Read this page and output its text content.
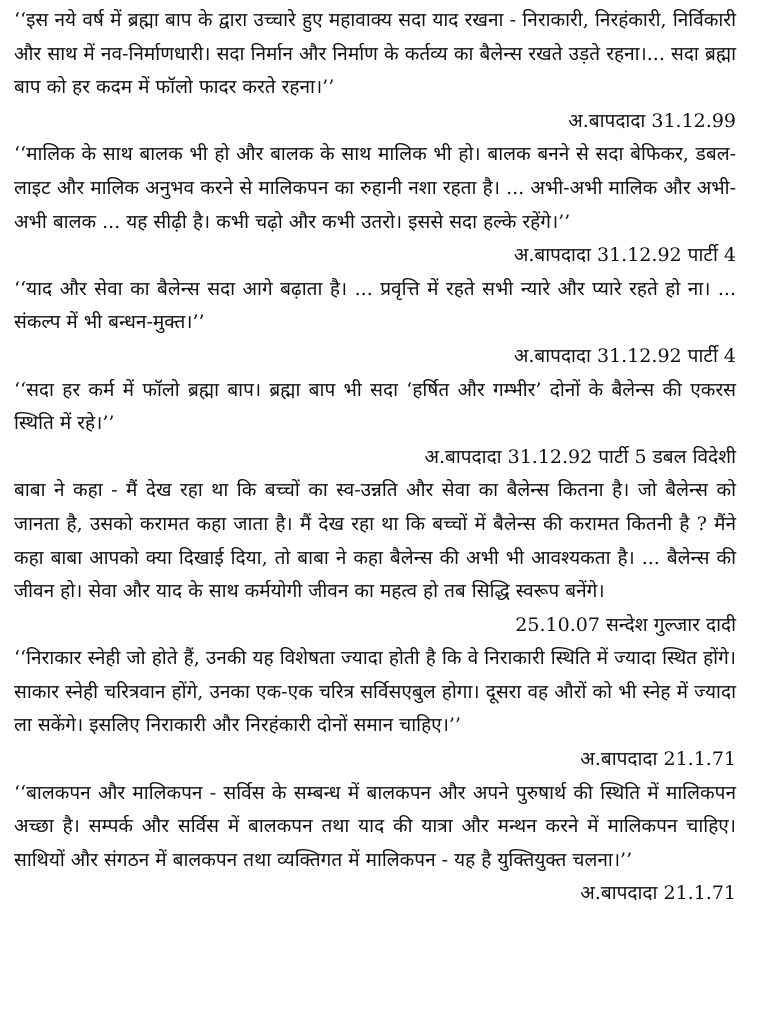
‘‘इस नये वर्ष में ब्रह्मा बाप के द्वारा उच्चारे हुए महावाक्य सदा याद रखना - निराकारी, निरहंकारी, निर्विकारी और साथ में नव-निर्माणधारी। सदा निर्मान और निर्माण के कर्तव्य का बैलेन्स रखते उड़ते रहना।... सदा ब्रह्मा बाप को हर कदम में फॉलो फादर करते रहना।’’

अ.बापदादा 31.12.99

‘‘मालिक के साथ बालक भी हो और बालक के साथ मालिक भी हो। बालक बनने से सदा बेफिकर, डबल-लाइट और मालिक अनुभव करने से मालिकपन का रुहानी नशा रहता है। ... अभी-अभी मालिक और अभी-अभी बालक ... यह सीढ़ी है। कभी चढ़ो और कभी उतरो। इससे सदा हल्के रहेंगे।’’

अ.बापदादा 31.12.92 पार्टी 4

‘‘याद और सेवा का बैलेन्स सदा आगे बढ़ाता है। ... प्रवृत्ति में रहते सभी न्यारे और प्यारे रहते हो ना। ... संकल्प में भी बन्धन-मुक्त।’’

अ.बापदादा 31.12.92 पार्टी 4

‘‘सदा हर कर्म में फॉलो ब्रह्मा बाप। ब्रह्मा बाप भी सदा ‘हर्षित और गम्भीर’ दोनों के बैलेन्स की एकरस स्थिति में रहे।’’

अ.बापदादा 31.12.92 पार्टी 5 डबल विदेशी

बाबा ने कहा - मैं देख रहा था कि बच्चों का स्व-उन्नति और सेवा का बैलेन्स कितना है। जो बैलेन्स को जानता है, उसको करामत कहा जाता है। मैं देख रहा था कि बच्चों में बैलेन्स की करामत कितनी है ? मैंने कहा बाबा आपको क्या दिखाई दिया, तो बाबा ने कहा बैलेन्स की अभी भी आवश्यकता है। ... बैलेन्स की जीवन हो। सेवा और याद के साथ कर्मयोगी जीवन का महत्व हो तब सिद्धि स्वरूप बनेंगे।

25.10.07 सन्देश गुल्जार दादी

‘‘निराकार स्नेही जो होते हैं, उनकी यह विशेषता ज्यादा होती है कि वे निराकारी स्थिति में ज्यादा स्थित होंगे। साकार स्नेही चरित्रवान होंगे, उनका एक-एक चरित्र सर्विसएबुल होगा। दूसरा वह औरों को भी स्नेह में ज्यादा ला सकेंगे। इसलिए निराकारी और निरहंकारी दोनों समान चाहिए।’’

अ.बापदादा 21.1.71

‘‘बालकपन और मालिकपन - सर्विस के सम्बन्ध में बालकपन और अपने पुरुषार्थ की स्थिति में मालिकपन अच्छा है। सम्पर्क और सर्विस में बालकपन तथा याद की यात्रा और मन्थन करने में मालिकपन चाहिए। साथियों और संगठन में बालकपन तथा व्यक्तिगत में मालिकपन - यह है युक्तियुक्त चलना।’’

अ.बापदादा 21.1.71
